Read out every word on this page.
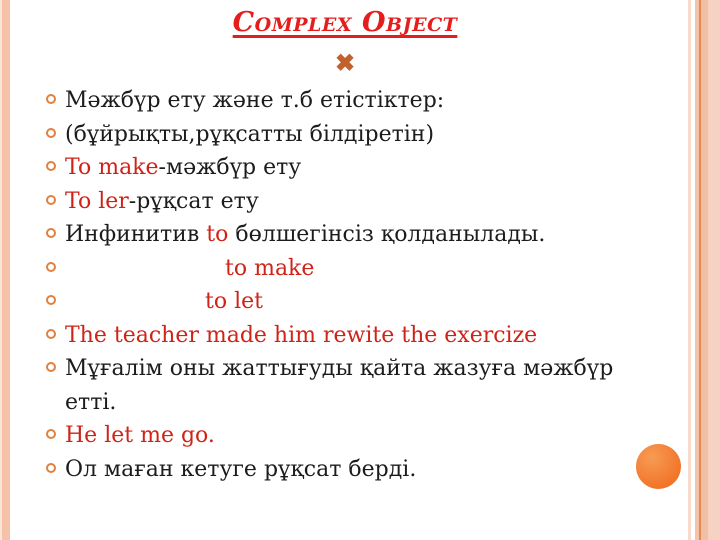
Complex Object
✖
Мәжбүр ету және т.б етістіктер:
(бұйрықты,рұқсатты білдіретін)
To make-мәжбүр ету
To ler-рұқсат ету
Инфинитив to бөлшегінсіз қолданылады.
to make
to let
The teacher made him rewite the exercize
Мұғалім оны жаттығуды қайта жазуға мәжбүр етті.
He let me go.
Ол маған кетуге рұқсат берді.
